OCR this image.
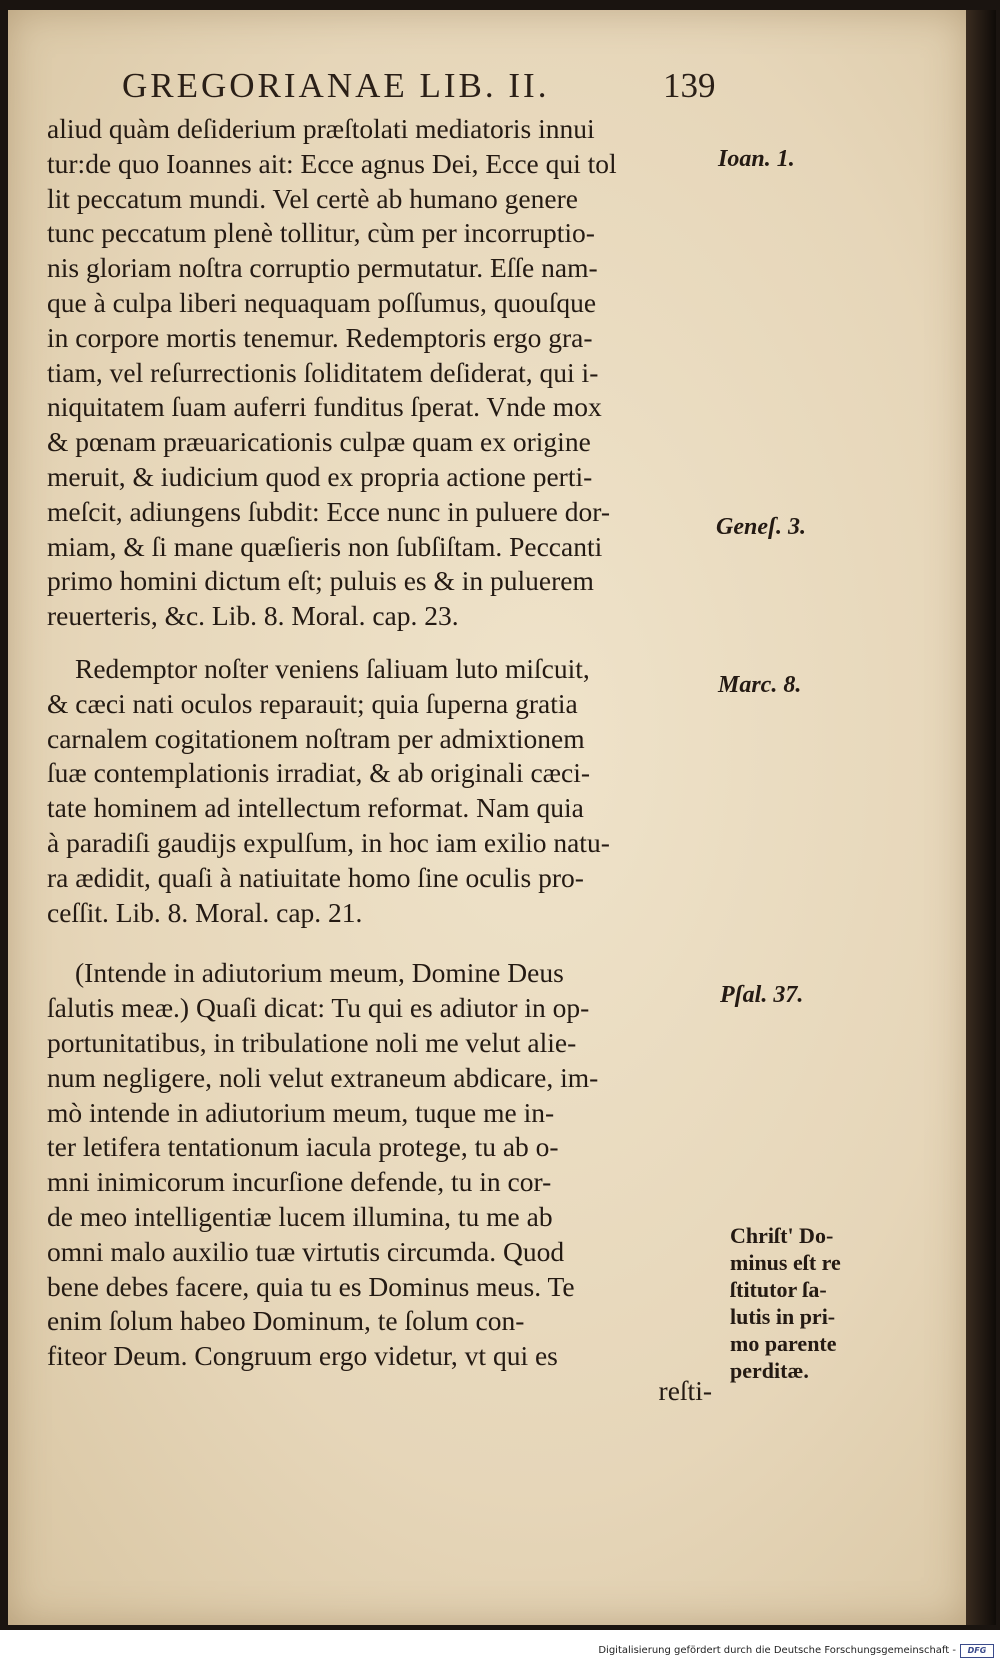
GREGORIANAE LIB. II.	139
aliud quàm deſiderium præſtolati mediatoris innui
tur:de quo Ioannes ait: Ecce agnus Dei, Ecce qui tol
lit peccatum mundi. Vel certè ab humano genere
tunc peccatum plenè tollitur, cùm per incorruptio-
nis gloriam noſtra corruptio permutatur. Eſſe nam-
que à culpa liberi nequaquam poſſumus, quouſque
in corpore mortis tenemur. Redemptoris ergo gra-
tiam, vel reſurrectionis ſoliditatem deſiderat, qui i-
niquitatem ſuam auferri funditus ſperat. Vnde mox
& pœnam præuaricationis culpæ quam ex origine
meruit, & iudicium quod ex propria actione perti-
meſcit, adiungens ſubdit: Ecce nunc in puluere dor-
miam, & ſi mane quæſieris non ſubſiſtam. Peccanti
primo homini dictum eſt; puluis es & in puluerem
reuerteris, &c. Lib. 8. Moral. cap. 23.
Redemptor noſter veniens ſaliuam luto miſcuit,
& cæci nati oculos reparauit; quia ſuperna gratia
carnalem cogitationem noſtram per admixtionem
ſuæ contemplationis irradiat, & ab originali cæci-
tate hominem ad intellectum reformat. Nam quia
à paradiſi gaudijs expulſum, in hoc iam exilio natu-
ra ædidit, quaſi à natiuitate homo ſine oculis pro-
ceſſit. Lib. 8. Moral. cap. 21.
(Intende in adiutorium meum, Domine Deus
ſalutis meæ.) Quaſi dicat: Tu qui es adiutor in op-
portunitatibus, in tribulatione noli me velut alie-
num negligere, noli velut extraneum abdicare, im-
mò intende in adiutorium meum, tuque me in-
ter letifera tentationum iacula protege, tu ab o-
mni inimicorum incurſione defende, tu in cor-
de meo intelligentiæ lucem illumina, tu me ab
omni malo auxilio tuæ virtutis circumda. Quod
bene debes facere, quia tu es Dominus meus. Te
enim ſolum habeo Dominum, te ſolum con-
fiteor Deum. Congruum ergo videtur, vt qui es
reſti-
Ioan. 1.
Geneſ. 3.
Marc. 8.
Pſal. 37.
Chriſt' Do-
minus eſt re
ſtitutor ſa-
lutis in pri-
mo parente
perditæ.
Digitalisierung gefördert durch die Deutsche Forschungsgemeinschaft -	DFG
